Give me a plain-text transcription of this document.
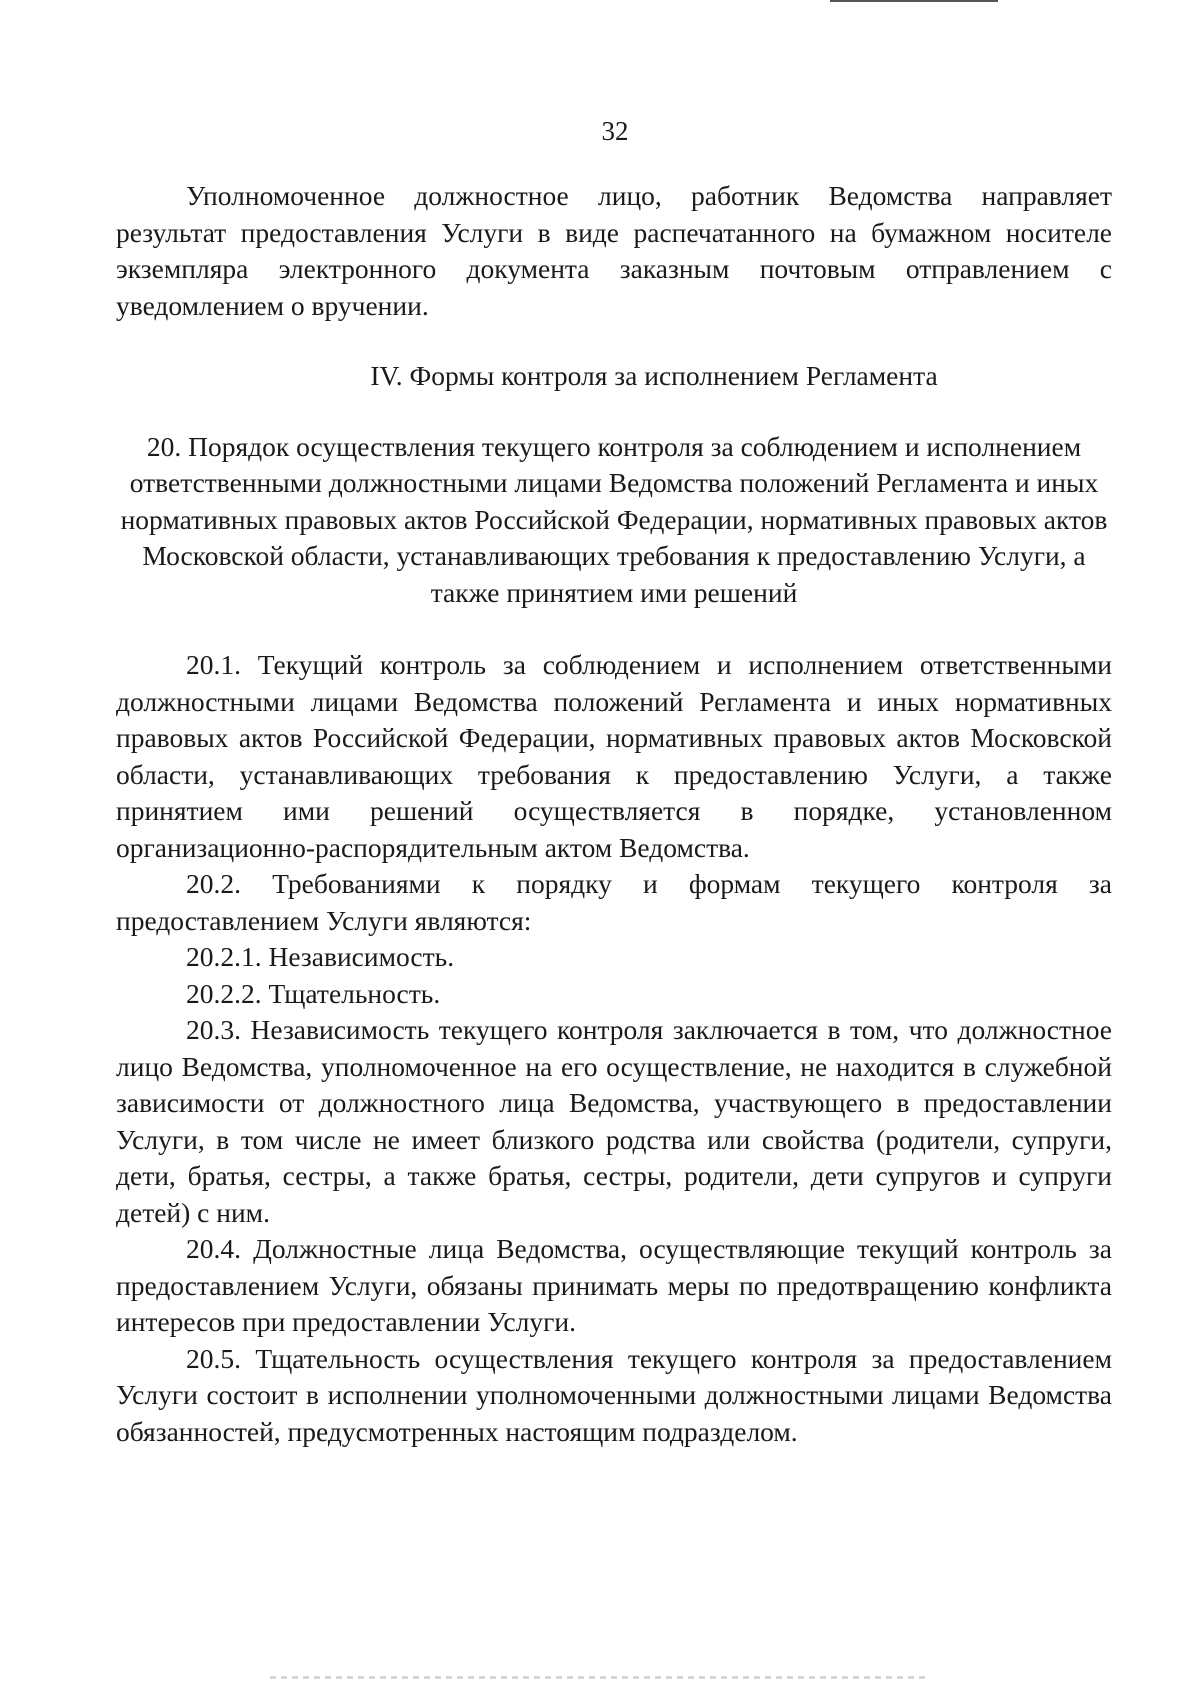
32

Уполномоченное должностное лицо, работник Ведомства направляет результат предоставления Услуги в виде распечатанного на бумажном носителе экземпляра электронного документа заказным почтовым отправлением с уведомлением о вручении.

IV. Формы контроля за исполнением Регламента

20. Порядок осуществления текущего контроля за соблюдением и исполнением ответственными должностными лицами Ведомства положений Регламента и иных нормативных правовых актов Российской Федерации, нормативных правовых актов Московской области, устанавливающих требования к предоставлению Услуги, а также принятием ими решений

20.1. Текущий контроль за соблюдением и исполнением ответственными должностными лицами Ведомства положений Регламента и иных нормативных правовых актов Российской Федерации, нормативных правовых актов Московской области, устанавливающих требования к предоставлению Услуги, а также принятием ими решений осуществляется в порядке, установленном организационно-распорядительным актом Ведомства.

20.2. Требованиями к порядку и формам текущего контроля за предоставлением Услуги являются:

20.2.1. Независимость.

20.2.2. Тщательность.

20.3. Независимость текущего контроля заключается в том, что должностное лицо Ведомства, уполномоченное на его осуществление, не находится в служебной зависимости от должностного лица Ведомства, участвующего в предоставлении Услуги, в том числе не имеет близкого родства или свойства (родители, супруги, дети, братья, сестры, а также братья, сестры, родители, дети супругов и супруги детей) с ним.

20.4. Должностные лица Ведомства, осуществляющие текущий контроль за предоставлением Услуги, обязаны принимать меры по предотвращению конфликта интересов при предоставлении Услуги.

20.5. Тщательность осуществления текущего контроля за предоставлением Услуги состоит в исполнении уполномоченными должностными лицами Ведомства обязанностей, предусмотренных настоящим подразделом.
